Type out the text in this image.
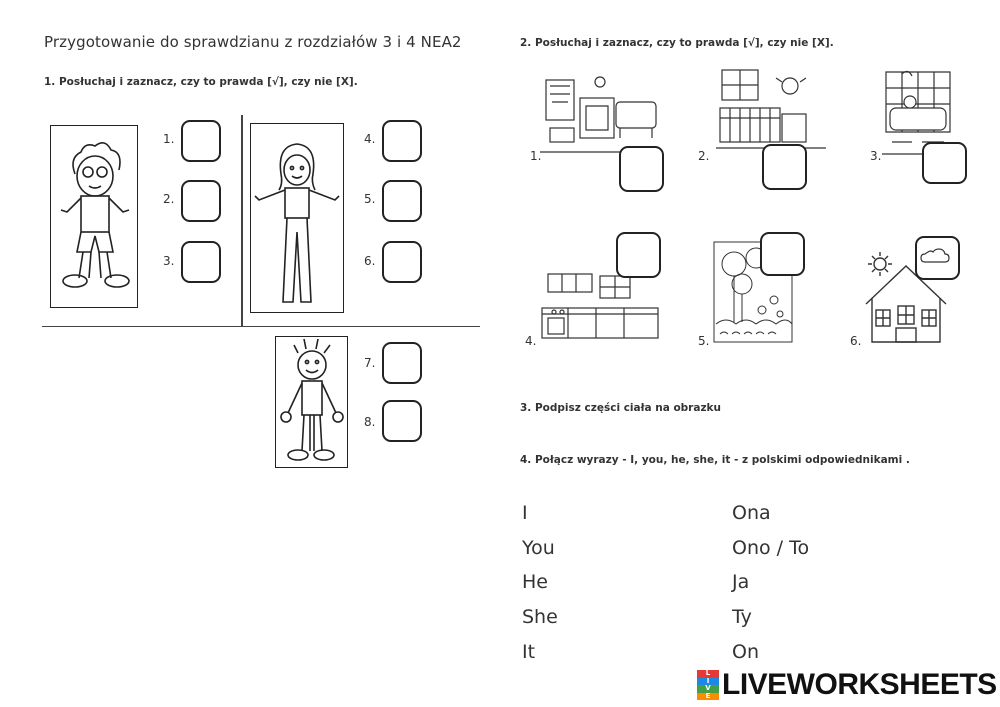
Przygotowanie do sprawdzianu z rozdziałów 3 i 4 NEA2
1. Posłuchaj i zaznacz, czy to prawda [√], czy nie [X].
1.
2.
3.
4.
5.
6.
7.
8.
2. Posłuchaj i zaznacz, czy to prawda [√], czy nie [X].
1.	2.	3.
4.	5.	6.
3. Podpisz części ciała na obrazku
4. Połącz wyrazy - I, you, he, she, it - z polskimi odpowiednikami .
I
You
He
She
It
Ona
Ono / To
Ja
Ty
On
L
I
V
E LIVEWORKSHEETS
